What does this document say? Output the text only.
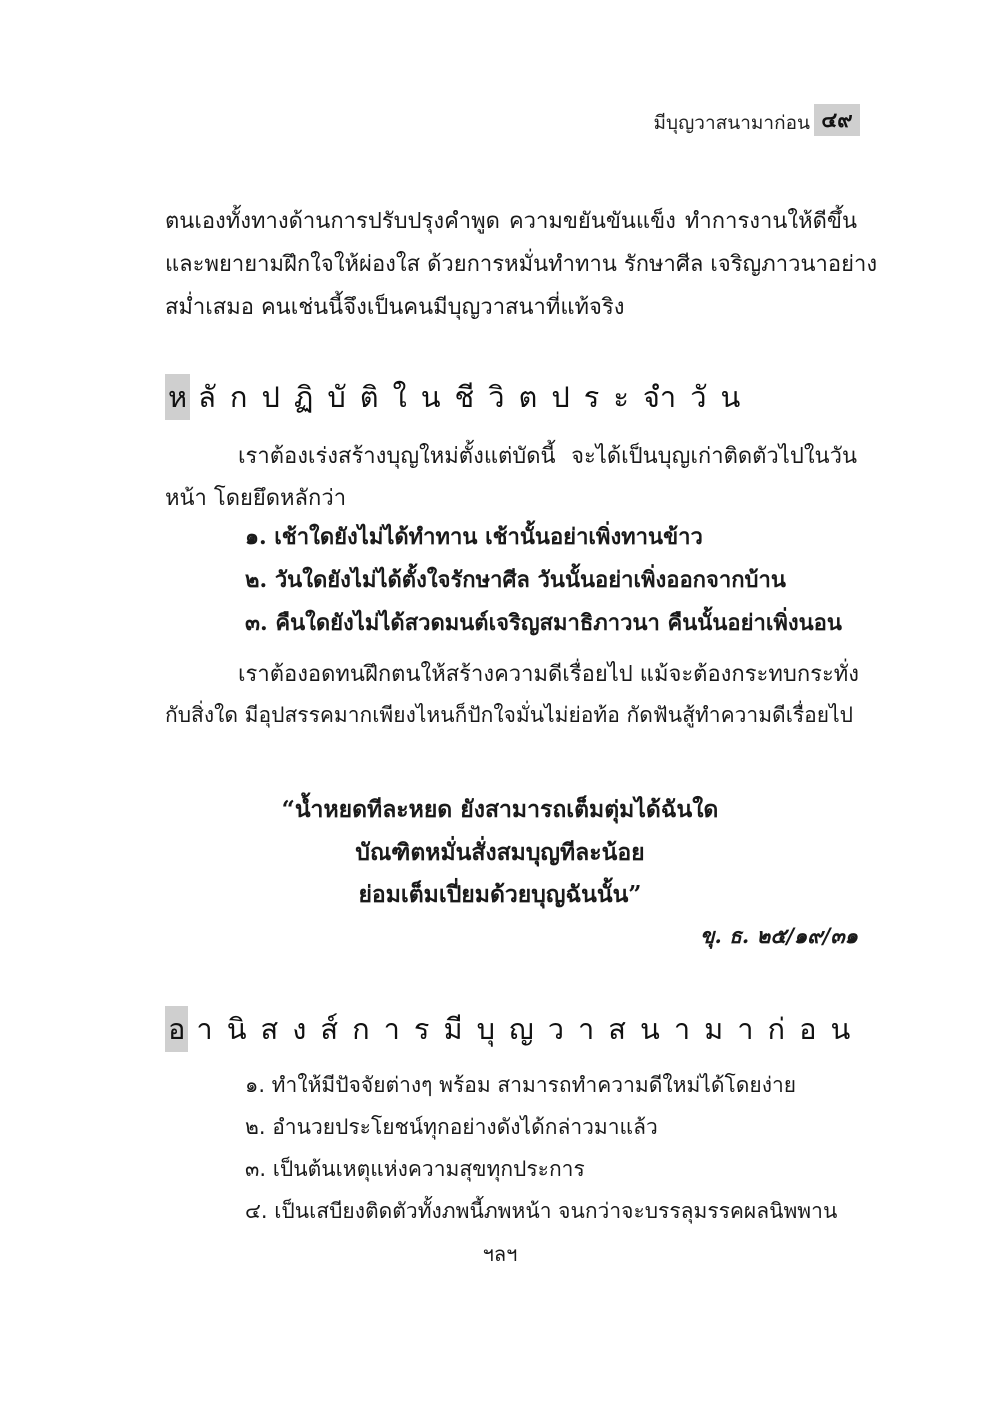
มีบุญวาสนามาก่อน ๔๙
ตนเองทั้งทางด้านการปรับปรุงคำพูด ความขยันขันแข็ง ทำการงานให้ดีขึ้น
และพยายามฝึกใจให้ผ่องใส ด้วยการหมั่นทำทาน รักษาศีล เจริญภาวนาอย่าง
สม่ำเสมอ คนเช่นนี้จึงเป็นคนมีบุญวาสนาที่แท้จริง
ห ลักปฏิบัติในชีวิตประจำวัน
เราต้องเร่งสร้างบุญใหม่ตั้งแต่บัดนี้ จะได้เป็นบุญเก่าติดตัวไปในวัน
หน้า โดยยึดหลักว่า
๑. เช้าใดยังไม่ได้ทำทาน เช้านั้นอย่าเพิ่งทานข้าว
๒. วันใดยังไม่ได้ตั้งใจรักษาศีล วันนั้นอย่าเพิ่งออกจากบ้าน
๓. คืนใดยังไม่ได้สวดมนต์เจริญสมาธิภาวนา คืนนั้นอย่าเพิ่งนอน
เราต้องอดทนฝึกตนให้สร้างความดีเรื่อยไป แม้จะต้องกระทบกระทั่ง
กับสิ่งใด มีอุปสรรคมากเพียงไหนก็ปักใจมั่นไม่ย่อท้อ กัดฟันสู้ทำความดีเรื่อยไป
“น้ำหยดทีละหยด ยังสามารถเต็มตุ่มได้ฉันใด
บัณฑิตหมั่นสั่งสมบุญทีละน้อย
ย่อมเต็มเปี่ยมด้วยบุญฉันนั้น”
ขุ. ธ. ๒๕/๑๙/๓๑
อ านิสงส์การมีบุญวาสนามาก่อน
๑. ทำให้มีปัจจัยต่างๆ พร้อม สามารถทำความดีใหม่ได้โดยง่าย
๒. อำนวยประโยชน์ทุกอย่างดังได้กล่าวมาแล้ว
๓. เป็นต้นเหตุแห่งความสุขทุกประการ
๔. เป็นเสบียงติดตัวทั้งภพนี้ภพหน้า จนกว่าจะบรรลุมรรคผลนิพพาน
ฯลฯ
